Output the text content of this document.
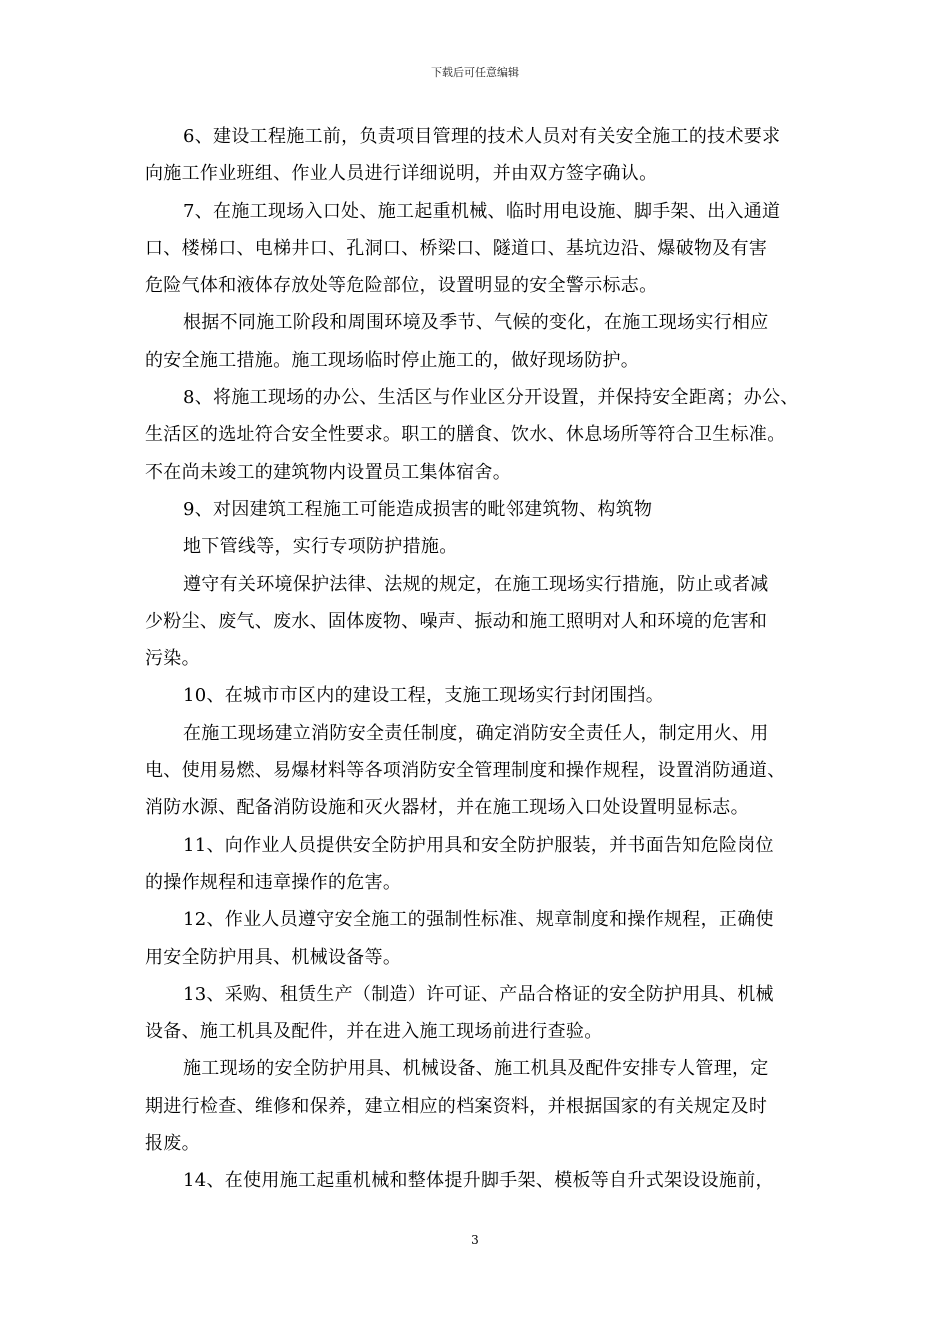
下载后可任意编辑
6、建设工程施工前，负责项目管理的技术人员对有关安全施工的技术要求
向施工作业班组、作业人员进行详细说明，并由双方签字确认。
7、在施工现场入口处、施工起重机械、临时用电设施、脚手架、出入通道
口、楼梯口、电梯井口、孔洞口、桥梁口、隧道口、基坑边沿、爆破物及有害
危险气体和液体存放处等危险部位，设置明显的安全警示标志。
根据不同施工阶段和周围环境及季节、气候的变化，在施工现场实行相应
的安全施工措施。施工现场临时停止施工的，做好现场防护。
8、将施工现场的办公、生活区与作业区分开设置，并保持安全距离；办公、
生活区的选址符合安全性要求。职工的膳食、饮水、休息场所等符合卫生标准。
不在尚未竣工的建筑物内设置员工集体宿舍。
9、对因建筑工程施工可能造成损害的毗邻建筑物、构筑物
地下管线等，实行专项防护措施。
遵守有关环境保护法律、法规的规定，在施工现场实行措施，防止或者减
少粉尘、废气、废水、固体废物、噪声、振动和施工照明对人和环境的危害和
污染。
10、在城市市区内的建设工程，支施工现场实行封闭围挡。
在施工现场建立消防安全责任制度，确定消防安全责任人，制定用火、用
电、使用易燃、易爆材料等各项消防安全管理制度和操作规程，设置消防通道、
消防水源、配备消防设施和灭火器材，并在施工现场入口处设置明显标志。
11、向作业人员提供安全防护用具和安全防护服装，并书面告知危险岗位
的操作规程和违章操作的危害。
12、作业人员遵守安全施工的强制性标准、规章制度和操作规程，正确使
用安全防护用具、机械设备等。
13、采购、租赁生产（制造）许可证、产品合格证的安全防护用具、机械
设备、施工机具及配件，并在进入施工现场前进行查验。
施工现场的安全防护用具、机械设备、施工机具及配件安排专人管理，定
期进行检查、维修和保养，建立相应的档案资料，并根据国家的有关规定及时
报废。
14、在使用施工起重机械和整体提升脚手架、模板等自升式架设设施前，
3
